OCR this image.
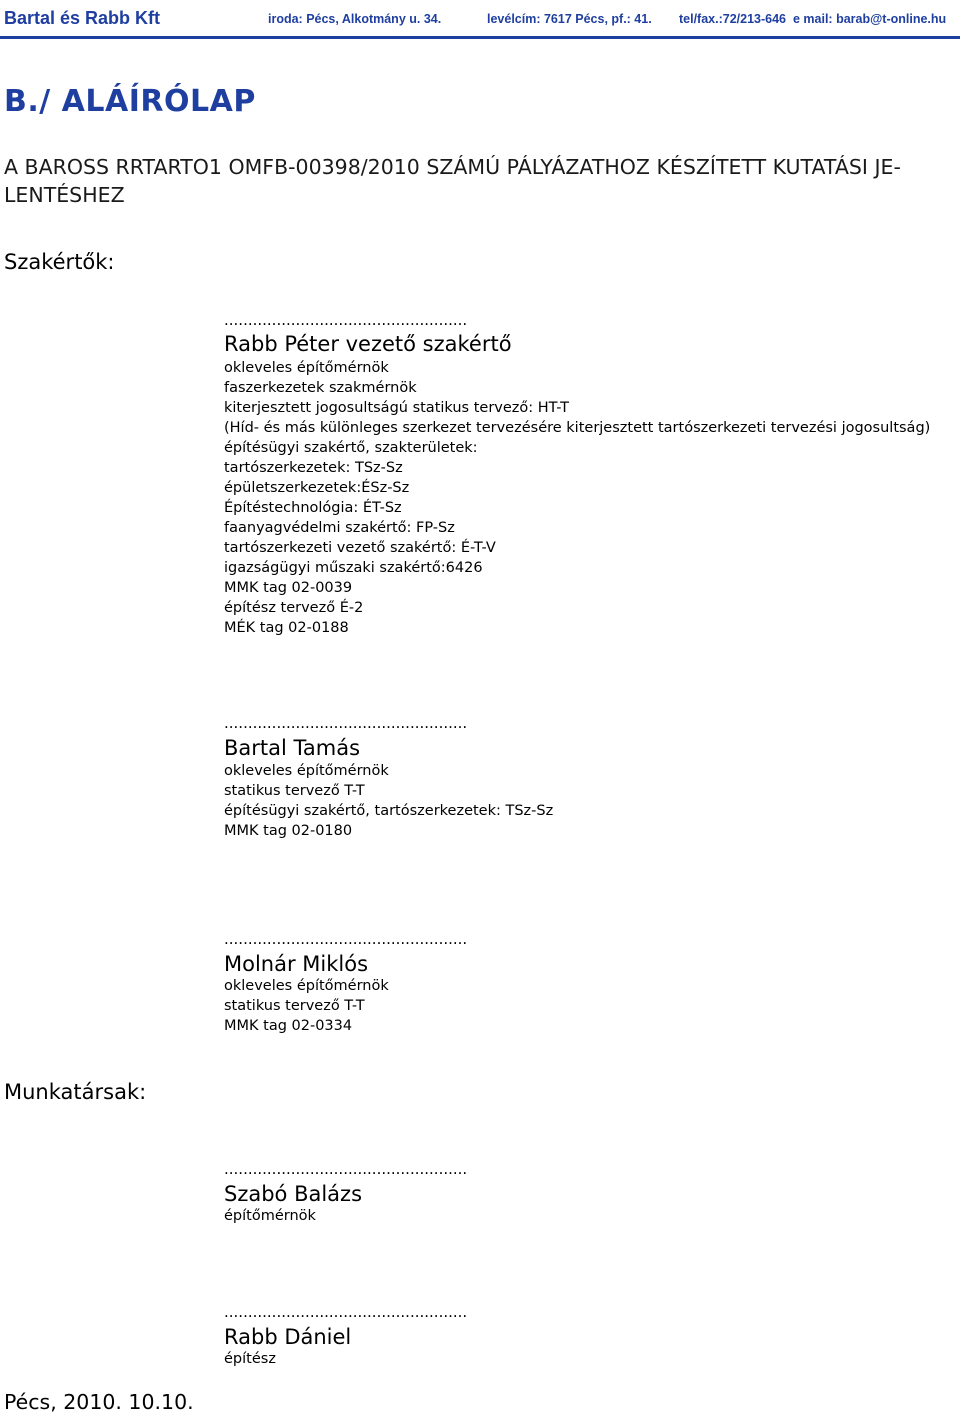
Bartal és Rabb Kft	iroda: Pécs, Alkotmány u. 34.	levélcím: 7617 Pécs, pf.: 41. tel/fax.:72/213-646 e mail: barab@t-online.hu
B./ ALÁÍRÓLAP
A BAROSS RRTARTO1 OMFB-00398/2010 SZÁMÚ PÁLYÁZATHOZ KÉSZÍTETT KUTATÁSI JE-
LENTÉSHEZ
Szakértők:
...................................................
Rabb Péter vezető szakértő
okleveles építőmérnök
faszerkezetek szakmérnök
kiterjesztett jogosultságú statikus tervező: HT-T
(Híd- és más különleges szerkezet tervezésére kiterjesztett tartószerkezeti tervezési jogosultság)
építésügyi szakértő, szakterületek:
tartószerkezetek: TSz-Sz
épületszerkezetek:ÉSz-Sz
Építéstechnológia: ÉT-Sz
faanyagvédelmi szakértő: FP-Sz
tartószerkezeti vezető szakértő: É-T-V
igazságügyi műszaki szakértő:6426
MMK tag 02-0039
építész tervező É-2
MÉK tag 02-0188
...................................................
Bartal Tamás
okleveles építőmérnök
statikus tervező T-T
építésügyi szakértő, tartószerkezetek: TSz-Sz
MMK tag 02-0180
...................................................
Molnár Miklós
okleveles építőmérnök
statikus tervező T-T
MMK tag 02-0334
Munkatársak:
...................................................
Szabó Balázs
építőmérnök
...................................................
Rabb Dániel
építész
Pécs, 2010. 10.10.
